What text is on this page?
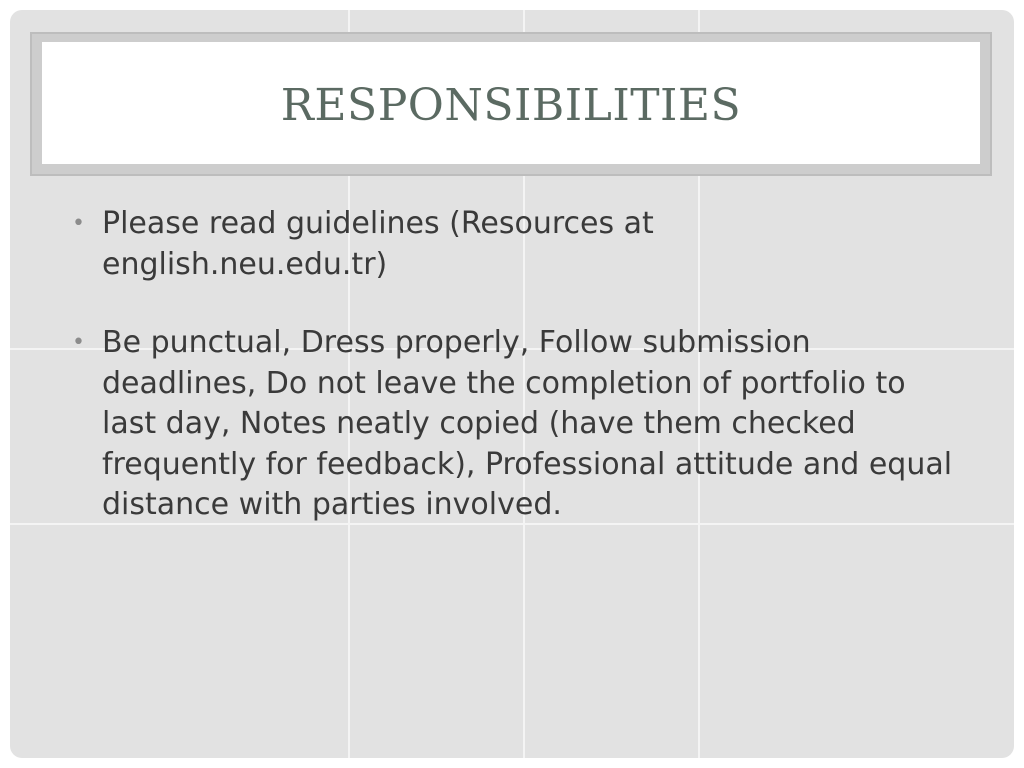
RESPONSIBILITIES
• Please read guidelines (Resources at english.neu.edu.tr)
• Be punctual, Dress properly, Follow submission deadlines, Do not leave the completion of portfolio to last day, Notes neatly copied (have them checked frequently for feedback), Professional attitude and equal distance with parties involved.
